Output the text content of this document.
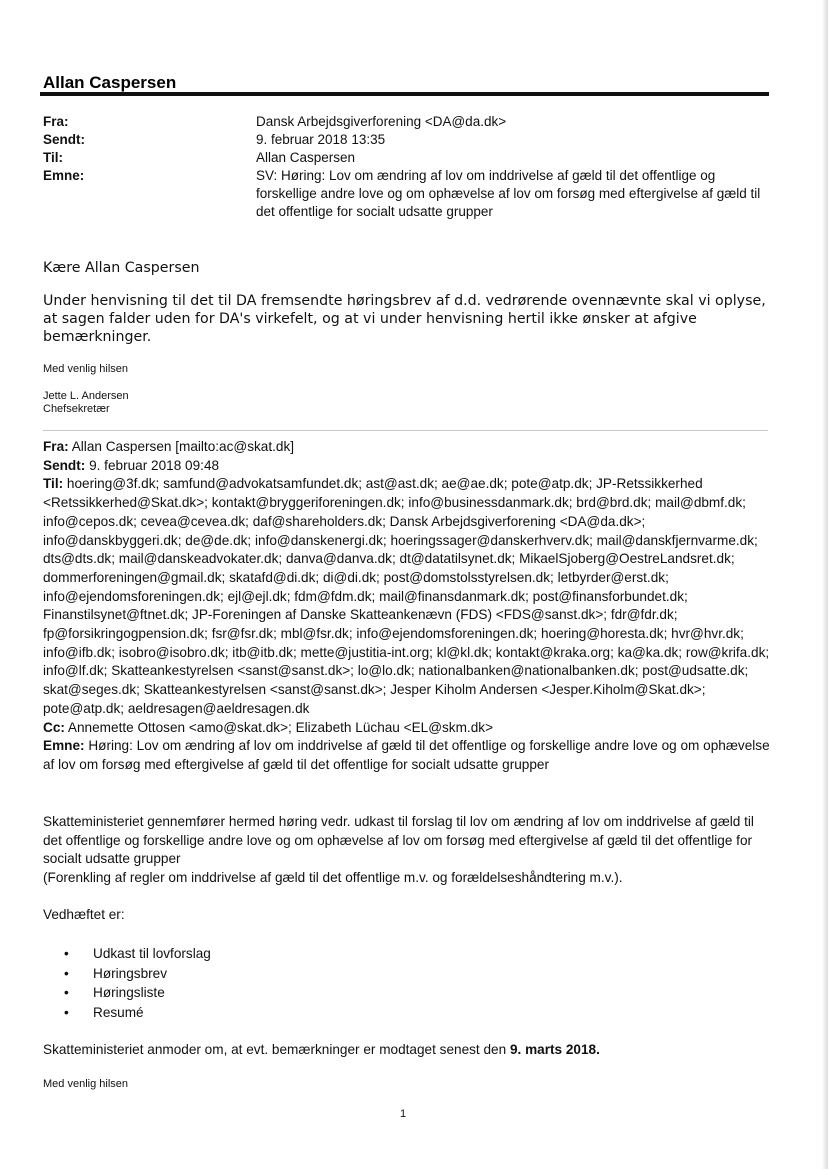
Allan Caspersen
Fra:	Dansk Arbejdsgiverforening <DA@da.dk>
Sendt:	9. februar 2018 13:35
Til:	Allan Caspersen
Emne:	SV: Høring: Lov om ændring af lov om inddrivelse af gæld til det offentlige og forskellige andre love og om ophævelse af lov om forsøg med eftergivelse af gæld til det offentlige for socialt udsatte grupper
Kære Allan Caspersen
Under henvisning til det til DA fremsendte høringsbrev af d.d. vedrørende ovennævnte skal vi oplyse, at sagen falder uden for DA's virkefelt, og at vi under henvisning hertil ikke ønsker at afgive bemærkninger.
Med venlig hilsen
Jette L. Andersen
Chefsekretær
Fra: Allan Caspersen [mailto:ac@skat.dk]
Sendt: 9. februar 2018 09:48
Til: hoering@3f.dk; samfund@advokatsamfundet.dk; ast@ast.dk; ae@ae.dk; pote@atp.dk; JP-Retssikkerhed <Retssikkerhed@Skat.dk>; kontakt@bryggeriforeningen.dk; info@businessdanmark.dk; brd@brd.dk; mail@dbmf.dk; info@cepos.dk; cevea@cevea.dk; daf@shareholders.dk; Dansk Arbejdsgiverforening <DA@da.dk>; info@danskbyggeri.dk; de@de.dk; info@danskenergi.dk; hoeringssager@danskerhverv.dk; mail@danskfjernvarme.dk; dts@dts.dk; mail@danskeadvokater.dk; danva@danva.dk; dt@datatilsynet.dk; MikaelSjoberg@OestreLandsret.dk; dommerforeningen@gmail.dk; skatafd@di.dk; di@di.dk; post@domstolsstyrelsen.dk; letbyrder@erst.dk; info@ejendomsforeningen.dk; ejl@ejl.dk; fdm@fdm.dk; mail@finansdanmark.dk; post@finansforbundet.dk; Finanstilsynet@ftnet.dk; JP-Foreningen af Danske Skatteankenævn (FDS) <FDS@sanst.dk>; fdr@fdr.dk; fp@forsikringogpension.dk; fsr@fsr.dk; mbl@fsr.dk; info@ejendomsforeningen.dk; hoering@horesta.dk; hvr@hvr.dk; info@ifb.dk; isobro@isobro.dk; itb@itb.dk; mette@justitia-int.org; kl@kl.dk; kontakt@kraka.org; ka@ka.dk; row@krifa.dk; info@lf.dk; Skatteankestyrelsen <sanst@sanst.dk>; lo@lo.dk; nationalbanken@nationalbanken.dk; post@udsatte.dk; skat@seges.dk; Skatteankestyrelsen <sanst@sanst.dk>; Jesper Kiholm Andersen <Jesper.Kiholm@Skat.dk>; pote@atp.dk; aeldresagen@aeldresagen.dk
Cc: Annemette Ottosen <amo@skat.dk>; Elizabeth Lüchau <EL@skm.dk>
Emne: Høring: Lov om ændring af lov om inddrivelse af gæld til det offentlige og forskellige andre love og om ophævelse af lov om forsøg med eftergivelse af gæld til det offentlige for socialt udsatte grupper
Skatteministeriet gennemfører hermed høring vedr. udkast til forslag til lov om ændring af lov om inddrivelse af gæld til det offentlige og forskellige andre love og om ophævelse af lov om forsøg med eftergivelse af gæld til det offentlige for socialt udsatte grupper
(Forenkling af regler om inddrivelse af gæld til det offentlige m.v. og forældelseshåndtering m.v.).
Vedhæftet er:
•	Udkast til lovforslag
•	Høringsbrev
•	Høringsliste
•	Resumé
Skatteministeriet anmoder om, at evt. bemærkninger er modtaget senest den 9. marts 2018.
Med venlig hilsen
1
